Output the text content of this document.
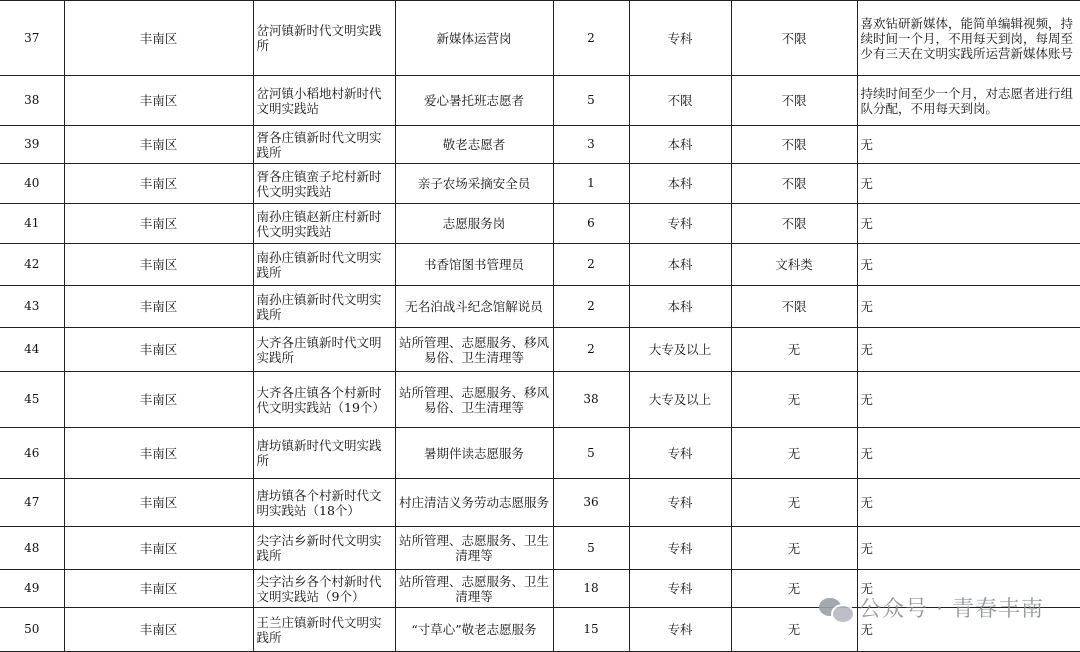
37	丰南区	岔河镇新时代文明实践所	新媒体运营岗	2	专科	不限	喜欢钻研新媒体，能简单编辑视频，持续时间一个月，不用每天到岗，每周至少有三天在文明实践所运营新媒体账号
38	丰南区	岔河镇小稻地村新时代文明实践站	爱心暑托班志愿者	5	不限	不限	持续时间至少一个月，对志愿者进行组队分配，不用每天到岗。
39	丰南区	胥各庄镇新时代文明实践所	敬老志愿者	3	本科	不限	无
40	丰南区	胥各庄镇蛮子坨村新时代文明实践站	亲子农场采摘安全员	1	本科	不限	无
41	丰南区	南孙庄镇赵新庄村新时代文明实践站	志愿服务岗	6	专科	不限	无
42	丰南区	南孙庄镇新时代文明实践所	书香馆图书管理员	2	本科	文科类	无
43	丰南区	南孙庄镇新时代文明实践所	无名泊战斗纪念馆解说员	2	本科	不限	无
44	丰南区	大齐各庄镇新时代文明实践所	站所管理、志愿服务、移风易俗、卫生清理等	2	大专及以上	无	无
45	丰南区	大齐各庄镇各个村新时代文明实践站（19个）	站所管理、志愿服务、移风易俗、卫生清理等	38	大专及以上	无	无
46	丰南区	唐坊镇新时代文明实践所	暑期伴读志愿服务	5	专科	无	无
47	丰南区	唐坊镇各个村新时代文明实践站（18个）	村庄清洁义务劳动志愿服务	36	专科	无	无
48	丰南区	尖字沽乡新时代文明实践所	站所管理、志愿服务、卫生清理等	5	专科	无	无
49	丰南区	尖字沽乡各个村新时代文明实践站（9个）	站所管理、志愿服务、卫生清理等	18	专科	无	无
50	丰南区	王兰庄镇新时代文明实践所	“寸草心”敬老志愿服务	15	专科	无	无
公众号 · 青春丰南
